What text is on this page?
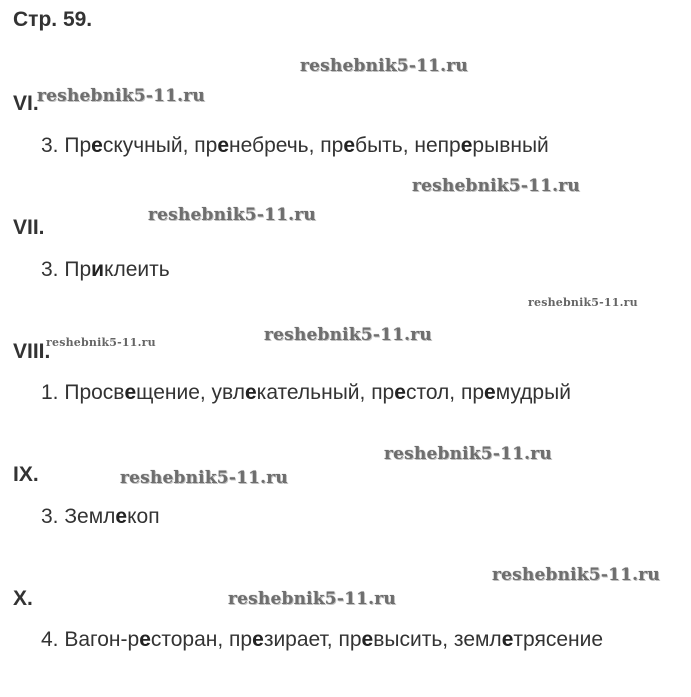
Стр. 59.
VI.
VII.
VIII.
IX.
X.
3. Прескучный, пренебречь, пребыть, непрерывный
3. Приклеить
1. Просвещение, увлекательный, престол, премудрый
3. Землекоп
4. Вагон-ресторан, презирает, превысить, землетрясение
reshebnik5-11.ru
reshebnik5-11.ru
reshebnik5-11.ru
reshebnik5-11.ru
reshebnik5-11.ru
reshebnik5-11.ru
reshebnik5-11.ru
reshebnik5-11.ru
reshebnik5-11.ru
reshebnik5-11.ru
reshebnik5-11.ru
